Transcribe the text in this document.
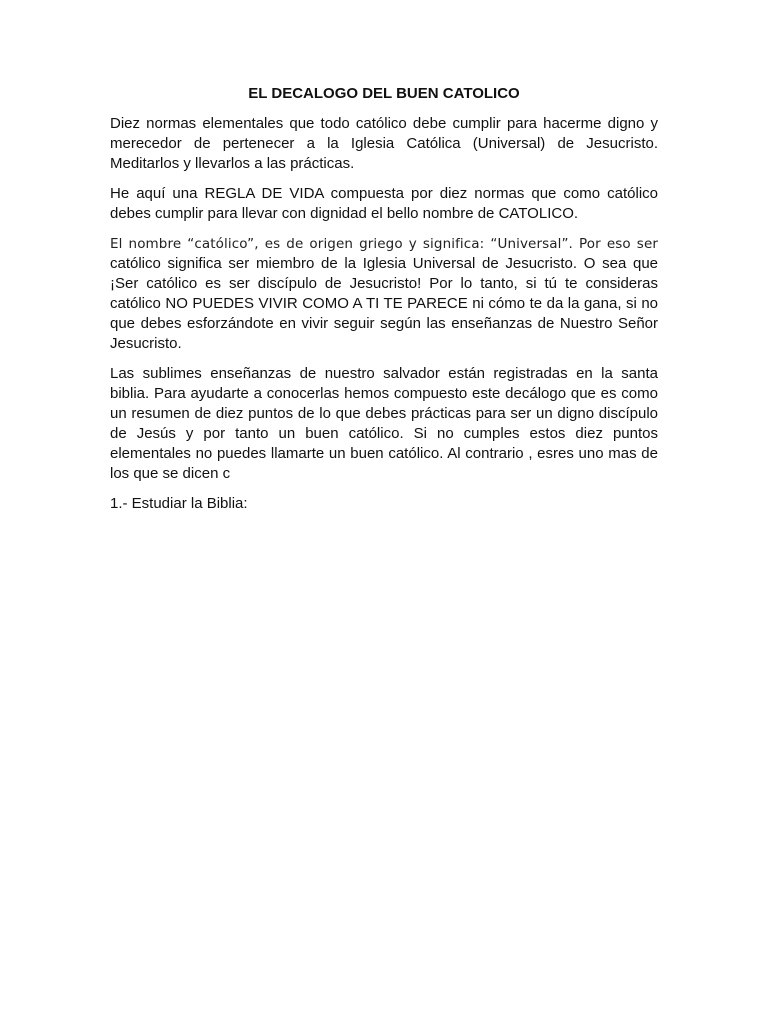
EL DECALOGO DEL BUEN CATOLICO

Diez normas elementales que todo católico debe cumplir para hacerme digno y merecedor de pertenecer a la Iglesia Católica (Universal) de Jesucristo. Meditarlos y llevarlos a las prácticas.

He aquí una REGLA DE VIDA compuesta por diez normas que como católico debes cumplir para llevar con dignidad el bello nombre de CATOLICO.

El nombre “católico”, es de origen griego y significa: “Universal”. Por eso ser
católico significa ser miembro de la Iglesia Universal de Jesucristo. O sea que ¡Ser católico es ser discípulo de Jesucristo! Por lo tanto, si tú te consideras católico NO PUEDES VIVIR COMO A TI TE PARECE ni cómo te da la gana, si no que debes esforzándote en vivir seguir según las enseñanzas de Nuestro Señor Jesucristo.

Las sublimes enseñanzas de nuestro salvador están registradas en la santa biblia. Para ayudarte a conocerlas hemos compuesto este decálogo que es como un resumen de diez puntos de lo que debes prácticas para ser un digno discípulo de Jesús y por tanto un buen católico. Si no cumples estos diez puntos elementales no puedes llamarte un buen católico. Al contrario , esres uno mas de los que se dicen c

1.- Estudiar la Biblia:
